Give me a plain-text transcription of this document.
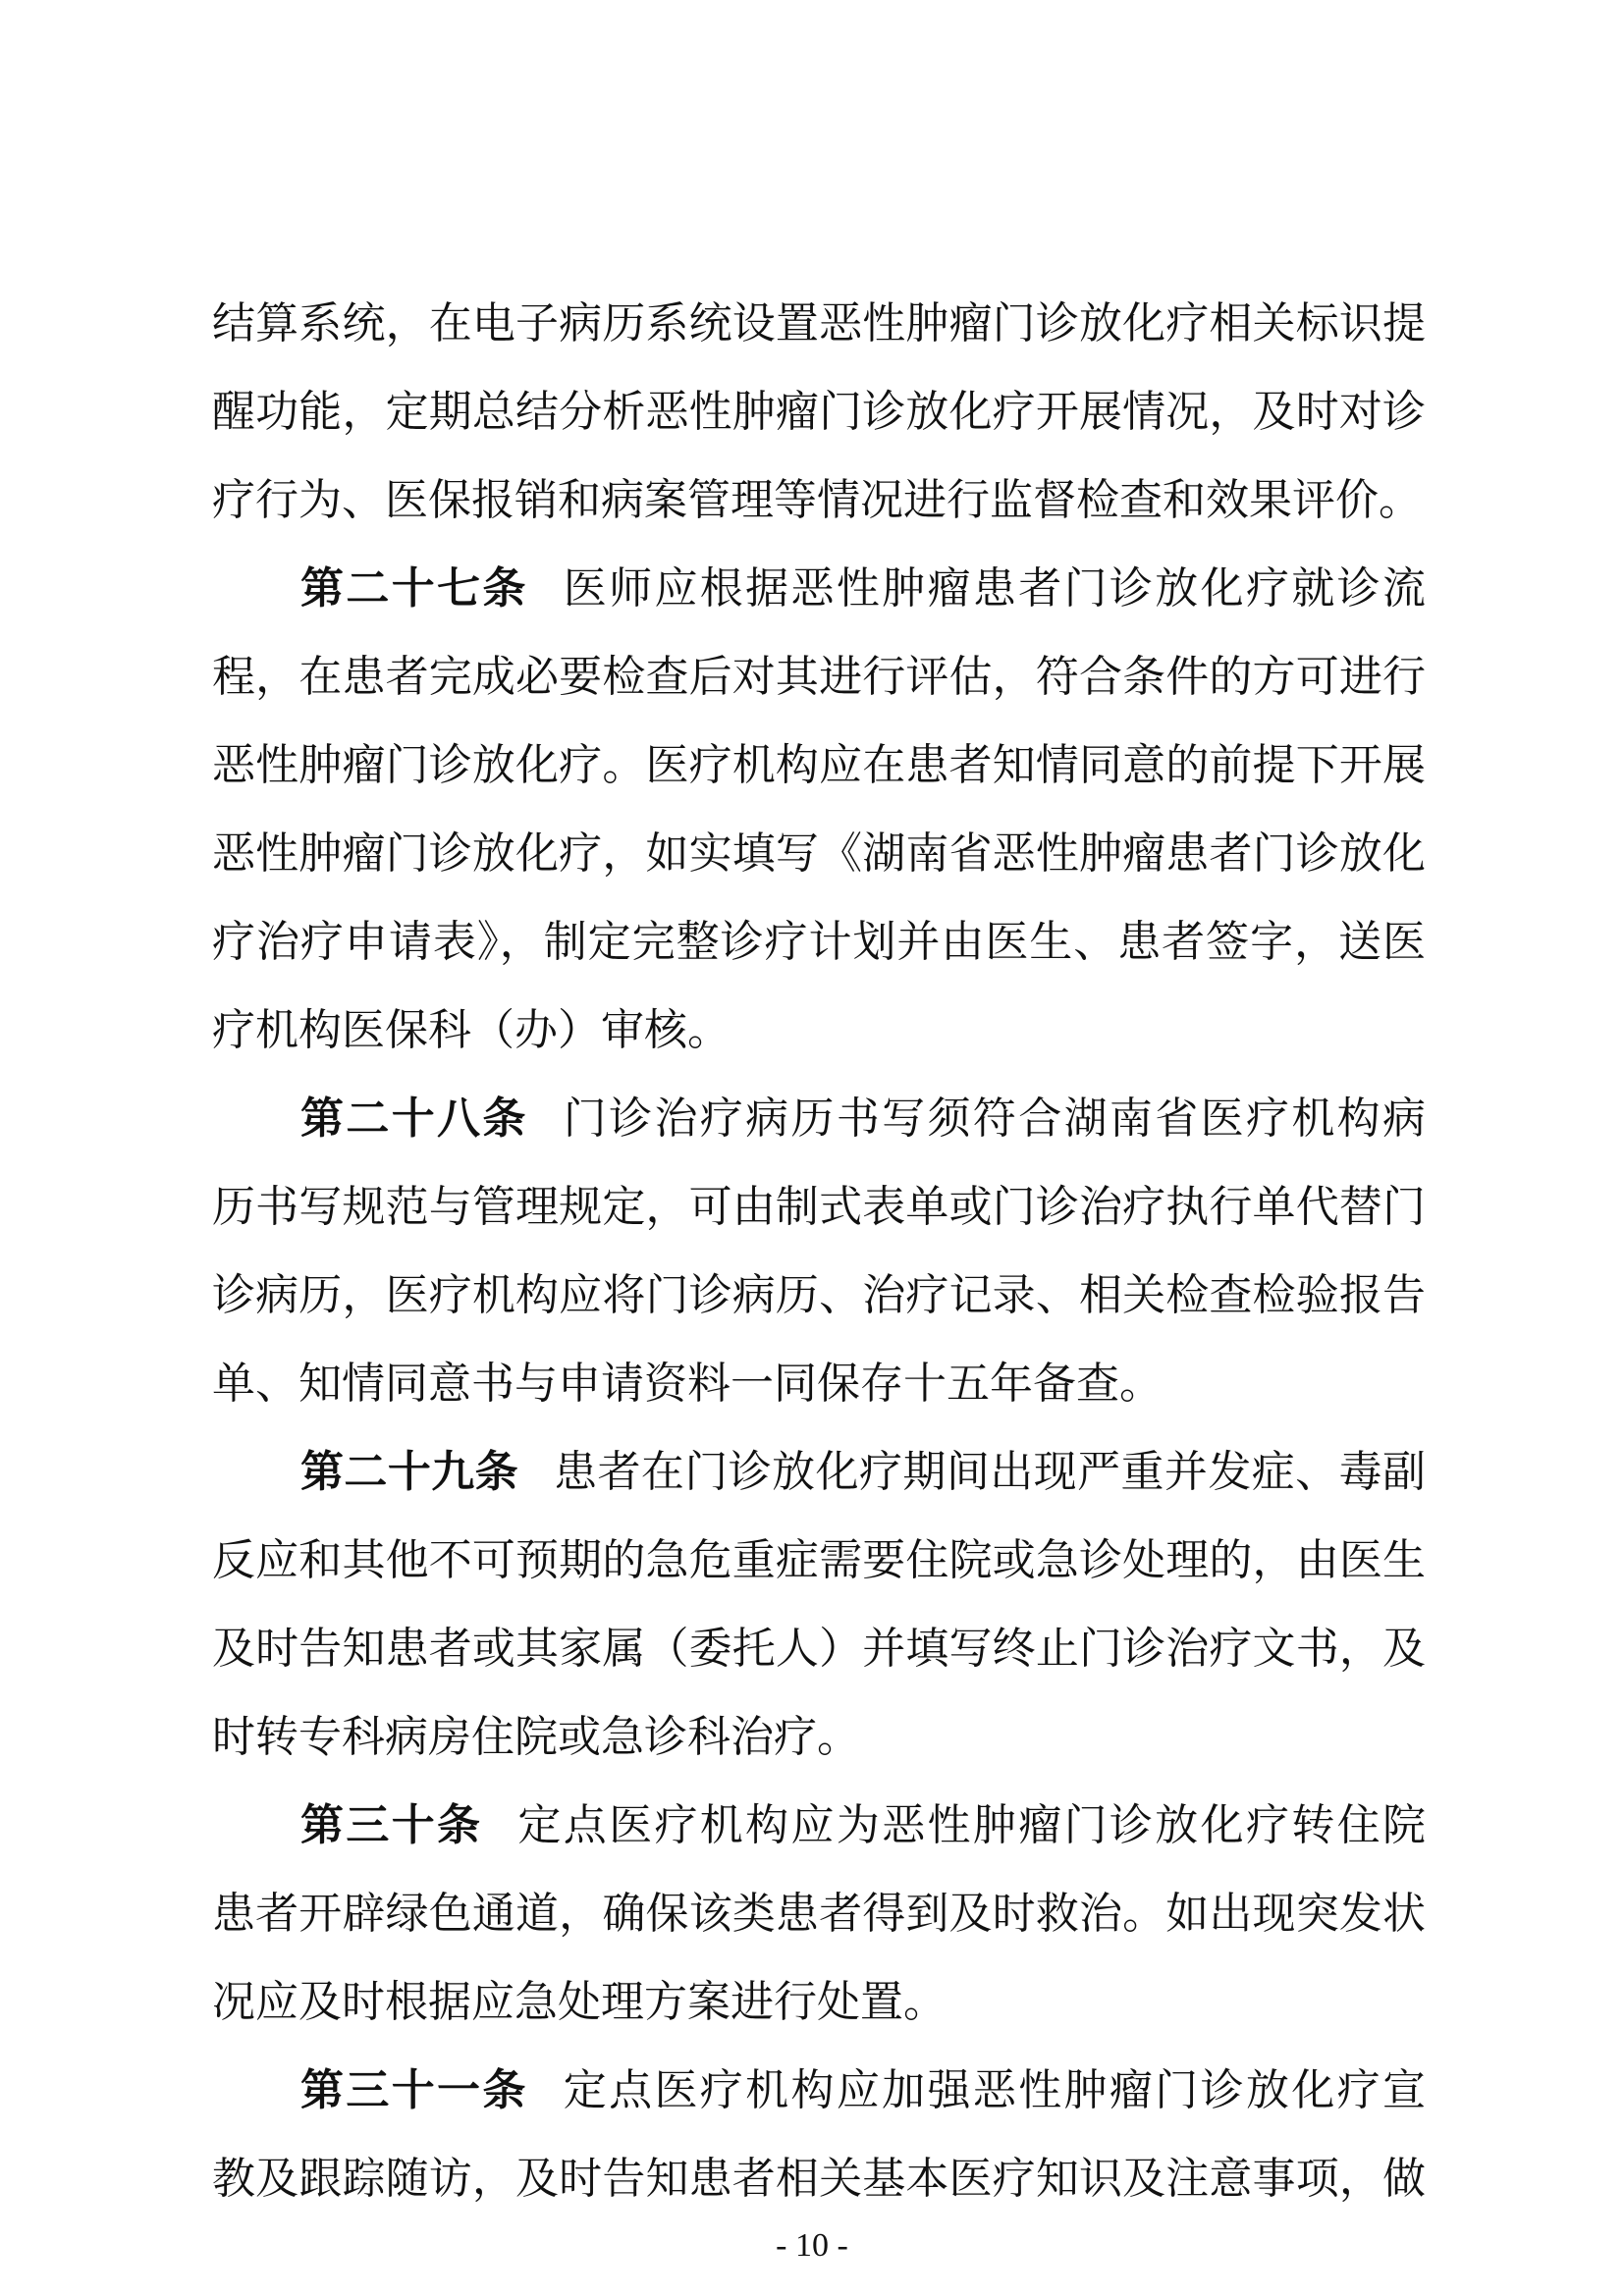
结算系统，在电子病历系统设置恶性肿瘤门诊放化疗相关标识提
醒功能，定期总结分析恶性肿瘤门诊放化疗开展情况，及时对诊
疗行为、医保报销和病案管理等情况进行监督检查和效果评价。
第二十七条 医师应根据恶性肿瘤患者门诊放化疗就诊流
程，在患者完成必要检查后对其进行评估，符合条件的方可进行
恶性肿瘤门诊放化疗。医疗机构应在患者知情同意的前提下开展
恶性肿瘤门诊放化疗，如实填写《湖南省恶性肿瘤患者门诊放化
疗治疗申请表》，制定完整诊疗计划并由医生、患者签字，送医
疗机构医保科（办）审核。
第二十八条 门诊治疗病历书写须符合湖南省医疗机构病
历书写规范与管理规定，可由制式表单或门诊治疗执行单代替门
诊病历，医疗机构应将门诊病历、治疗记录、相关检查检验报告
单、知情同意书与申请资料一同保存十五年备查。
第二十九条 患者在门诊放化疗期间出现严重并发症、毒副
反应和其他不可预期的急危重症需要住院或急诊处理的，由医生
及时告知患者或其家属（委托人）并填写终止门诊治疗文书，及
时转专科病房住院或急诊科治疗。
第三十条 定点医疗机构应为恶性肿瘤门诊放化疗转住院
患者开辟绿色通道，确保该类患者得到及时救治。如出现突发状
况应及时根据应急处理方案进行处置。
第三十一条 定点医疗机构应加强恶性肿瘤门诊放化疗宣
教及跟踪随访，及时告知患者相关基本医疗知识及注意事项，做
- 10 -
